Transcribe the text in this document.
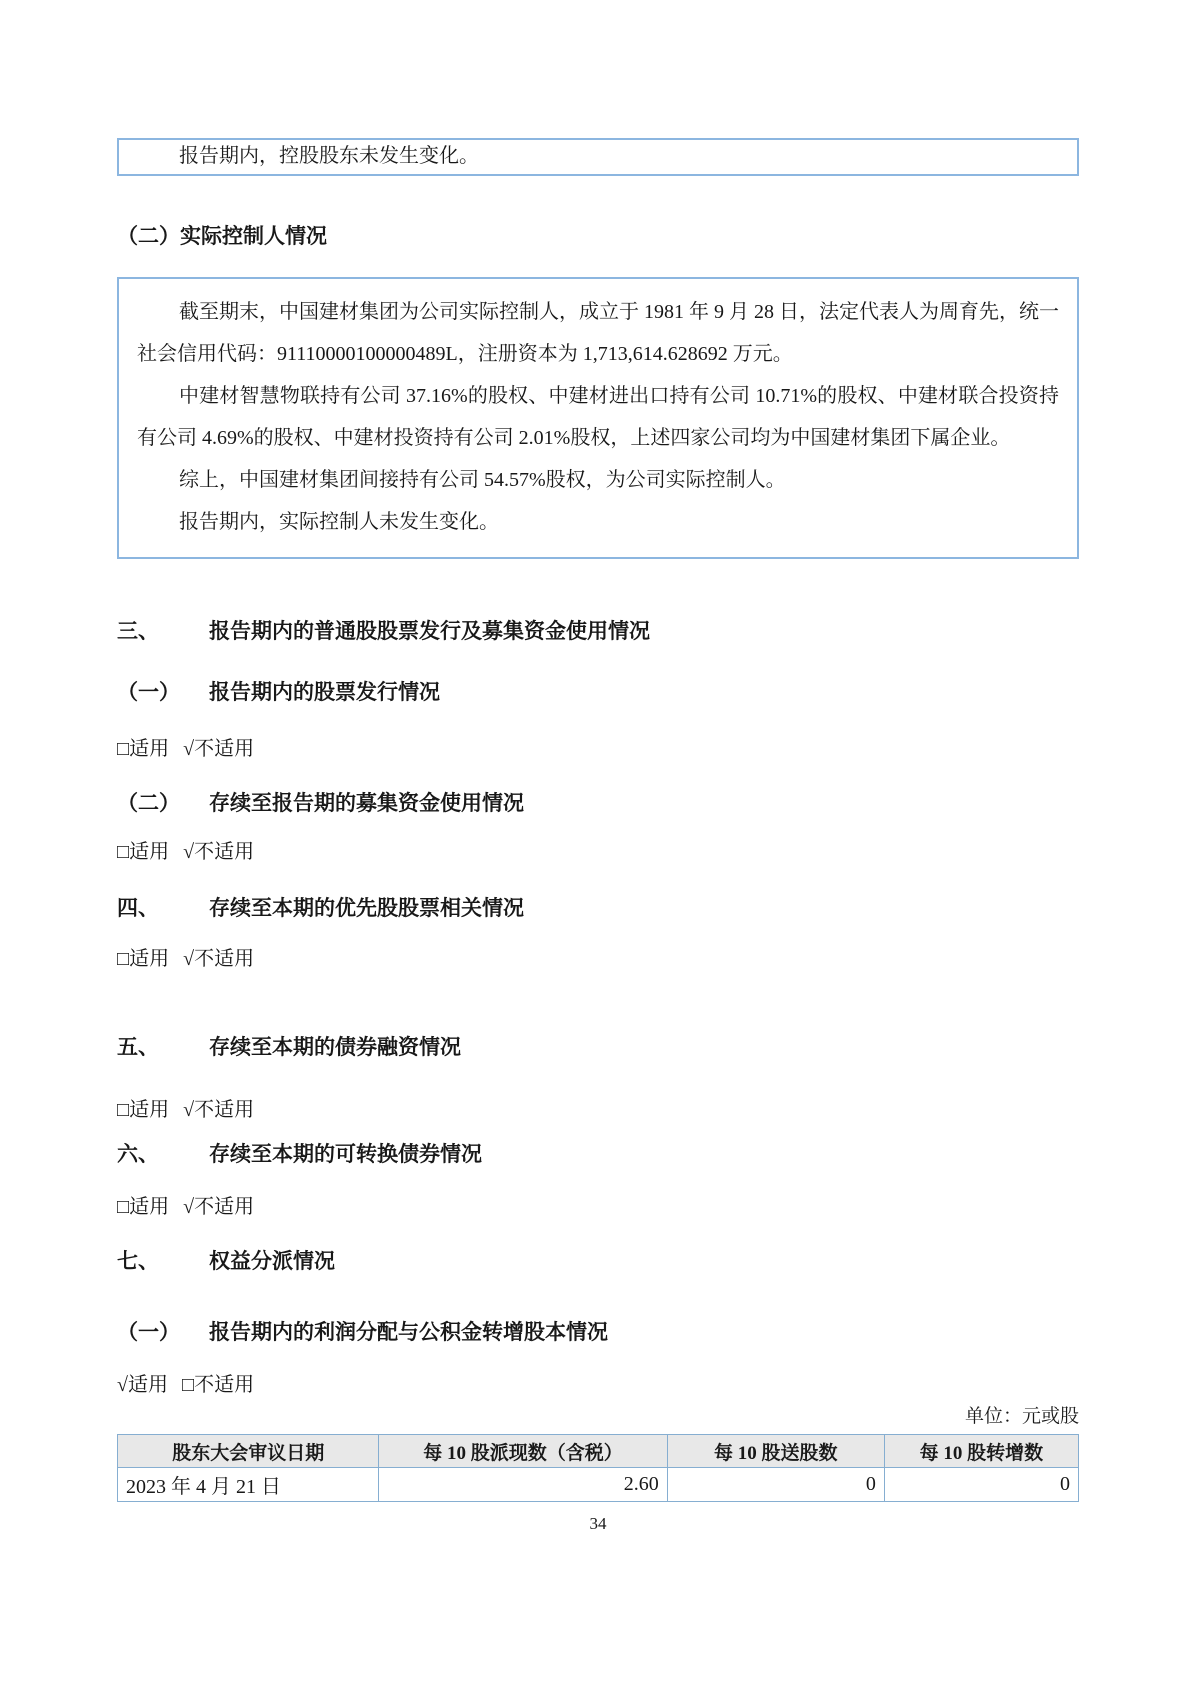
报告期内，控股股东未发生变化。

（二）实际控制人情况

截至期末，中国建材集团为公司实际控制人，成立于 1981 年 9 月 28 日，法定代表人为周育先，统一社会信用代码：91110000100000489L，注册资本为 1,713,614.628692 万元。

中建材智慧物联持有公司 37.16%的股权、中建材进出口持有公司 10.71%的股权、中建材联合投资持有公司 4.69%的股权、中建材投资持有公司 2.01%股权，上述四家公司均为中国建材集团下属企业。

综上，中国建材集团间接持有公司 54.57%股权，为公司实际控制人。

报告期内，实际控制人未发生变化。

三、	报告期内的普通股股票发行及募集资金使用情况
（一）	报告期内的股票发行情况

□适用 √不适用

（二）	存续至报告期的募集资金使用情况

□适用 √不适用

四、	存续至本期的优先股股票相关情况

□适用 √不适用

五、	存续至本期的债券融资情况

□适用 √不适用

六、	存续至本期的可转换债券情况

□适用 √不适用

七、	权益分派情况
（一）	报告期内的利润分配与公积金转增股本情况

√适用 □不适用

单位：元或股

股东大会审议日期	每 10 股派现数（含税）	每 10 股送股数	每 10 股转增数
2023 年 4 月 21 日	2.60	0	0
34
